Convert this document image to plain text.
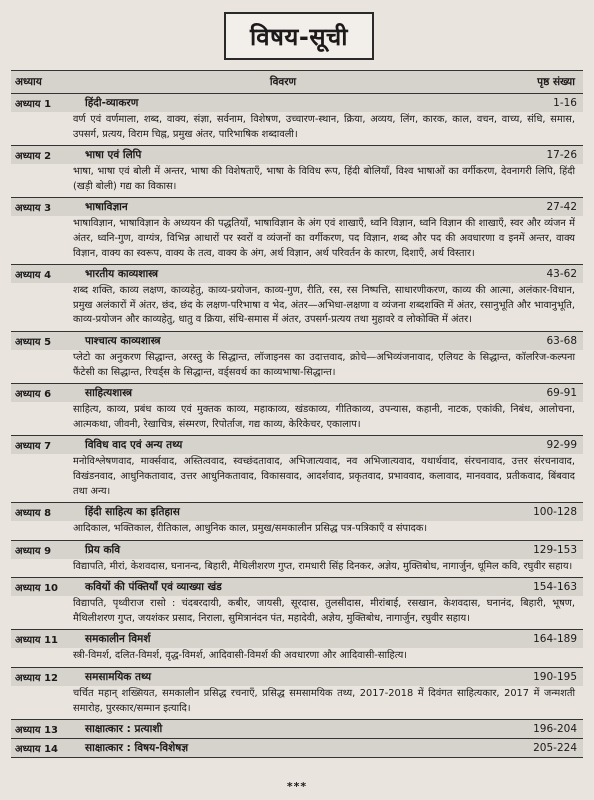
विषय-सूची
अध्याय	विवरण	पृष्ठ संख्या
अध्याय 1	हिंदी-व्याकरण	1-16
वर्ण एवं वर्णमाला, शब्द, वाक्य, संज्ञा, सर्वनाम, विशेषण, उच्चारण-स्थान, क्रिया, अव्यय, लिंग, कारक, काल, वचन, वाच्य, संधि, समास, उपसर्ग, प्रत्यय, विराम चिह्न, प्रमुख अंतर, पारिभाषिक शब्दावली।
अध्याय 2	भाषा एवं लिपि	17-26
भाषा, भाषा एवं बोली में अन्तर, भाषा की विशेषताएँ, भाषा के विविध रूप, हिंदी बोलियाँ, विश्व भाषाओं का वर्गीकरण, देवनागरी लिपि, हिंदी (खड़ी बोली) गद्य का विकास।
अध्याय 3	भाषाविज्ञान	27-42
भाषाविज्ञान, भाषाविज्ञान के अध्ययन की पद्धतियाँ, भाषाविज्ञान के अंग एवं शाखाएँ, ध्वनि विज्ञान, ध्वनि विज्ञान की शाखाएँ, स्वर और व्यंजन में अंतर, ध्वनि-गुण, वाग्यंत्र, विभिन्न आधारों पर स्वरों व व्यंजनों का वर्गीकरण, पद विज्ञान, शब्द और पद की अवधारणा व इनमें अन्तर, वाक्य विज्ञान, वाक्य का स्वरूप, वाक्य के तत्व, वाक्य के अंग, अर्थ विज्ञान, अर्थ परिवर्तन के कारण, दिशाएँ, अर्थ विस्तार।
अध्याय 4	भारतीय काव्यशास्त्र	43-62
शब्द शक्ति, काव्य लक्षण, काव्यहेतु, काव्य-प्रयोजन, काव्य-गुण, रीति, रस, रस निष्पत्ति, साधारणीकरण, काव्य की आत्मा, अलंकार-विधान, प्रमुख अलंकारों में अंतर, छंद, छंद के लक्षण-परिभाषा व भेद, अंतर—अभिधा-लक्षणा व व्यंजना शब्दशक्ति में अंतर, रसानुभूति और भावानुभूति, काव्य-प्रयोजन और काव्यहेतु, धातु व क्रिया, संधि-समास में अंतर, उपसर्ग-प्रत्यय तथा मुहावरे व लोकोक्ति में अंतर।
अध्याय 5	पाश्चात्य काव्यशास्त्र	63-68
प्लेटो का अनुकरण सिद्धान्त, अरस्तु के सिद्धान्त, लॉजाइनस का उदात्तवाद, क्रोचे—अभिव्यंजनावाद, एलियट के सिद्धान्त, कॉलरिज-कल्पना फैंटेसी का सिद्धान्त, रिचर्ड्स के सिद्धान्त, वर्ड्सवर्थ का काव्यभाषा-सिद्धान्त।
अध्याय 6	साहित्यशास्त्र	69-91
साहित्य, काव्य, प्रबंध काव्य एवं मुक्तक काव्य, महाकाव्य, खंडकाव्य, गीतिकाव्य, उपन्यास, कहानी, नाटक, एकांकी, निबंध, आलोचना, आत्मकथा, जीवनी, रेखाचित्र, संस्मरण, रिपोर्ताज, गद्य काव्य, केरिकेचर, एकालाप।
अध्याय 7	विविध वाद एवं अन्य तथ्य	92-99
मनोविश्लेषणवाद, मार्क्सवाद, अस्तित्ववाद, स्वच्छंदतावाद, अभिजात्यवाद, नव अभिजात्यवाद, यथार्थवाद, संरचनावाद, उत्तर संरचनावाद, विखंडनवाद, आधुनिकतावाद, उत्तर आधुनिकतावाद, विकासवाद, आदर्शवाद, प्रकृतवाद, प्रभाववाद, कलावाद, मानववाद, प्रतीकवाद, बिंबवाद तथा अन्य।
अध्याय 8	हिंदी साहित्य का इतिहास	100-128
आदिकाल, भक्तिकाल, रीतिकाल, आधुनिक काल, प्रमुख/समकालीन प्रसिद्ध पत्र-पत्रिकाएँ व संपादक।
अध्याय 9	प्रिय कवि	129-153
विद्यापति, मीरां, केशवदास, घनानन्द, बिहारी, मैथिलीशरण गुप्त, रामधारी सिंह दिनकर, अज्ञेय, मुक्तिबोध, नागार्जुन, धूमिल कवि, रघुवीर सहाय।
अध्याय 10	कवियों की पंक्तियाँ एवं व्याख्या खंड	154-163
विद्यापति, पृथ्वीराज रासो : चंदबरदायी, कबीर, जायसी, सूरदास, तुलसीदास, मीरांबाई, रसखान, केशवदास, घनानंद, बिहारी, भूषण, मैथिलीशरण गुप्त, जयशंकर प्रसाद, निराला, सुमित्रानंदन पंत, महादेवी, अज्ञेय, मुक्तिबोध, नागार्जुन, रघुवीर सहाय।
अध्याय 11	समकालीन विमर्श	164-189
स्त्री-विमर्श, दलित-विमर्श, वृद्ध-विमर्श, आदिवासी-विमर्श की अवधारणा और आदिवासी-साहित्य।
अध्याय 12	समसामयिक तथ्य	190-195
चर्चित महान् शख्सियत, समकालीन प्रसिद्ध रचनाएँ, प्रसिद्ध समसामयिक तथ्य, 2017-2018 में दिवंगत साहित्यकार, 2017 में जन्मशती समारोह, पुरस्कार/सम्मान इत्यादि।
अध्याय 13	साक्षात्कार : प्रत्याशी	196-204
अध्याय 14	साक्षात्कार : विषय-विशेषज्ञ	205-224
***
